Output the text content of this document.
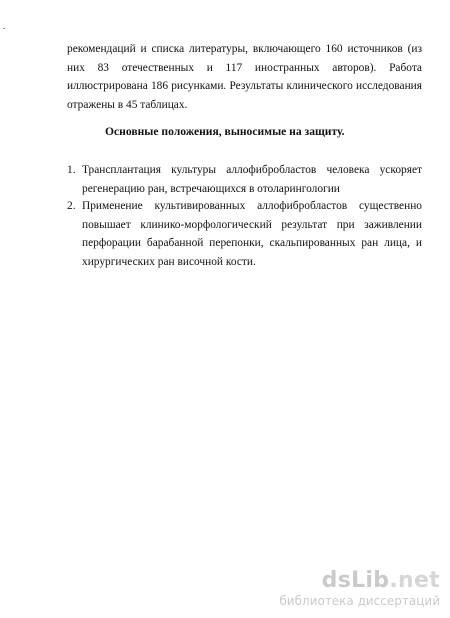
.

рекомендаций и списка литературы, включающего 160 источников (из них 83 отечественных и 117 иностранных авторов). Работа иллюстрирована 186 рисунками. Результаты клинического исследования отражены в 45 таблицах.

Основные положения, выносимые на защиту.

1. Трансплантация культуры аллофибробластов человека ускоряет регенерацию ран, встречающихся в отоларингологии

2. Применение культивированных аллофибробластов существенно повышает клинико-морфологический результат при заживлении перфорации барабанной перепонки, скальпированных ран лица, и хирургических ран височной кости.

dsLib.net
библиотека диссертаций
